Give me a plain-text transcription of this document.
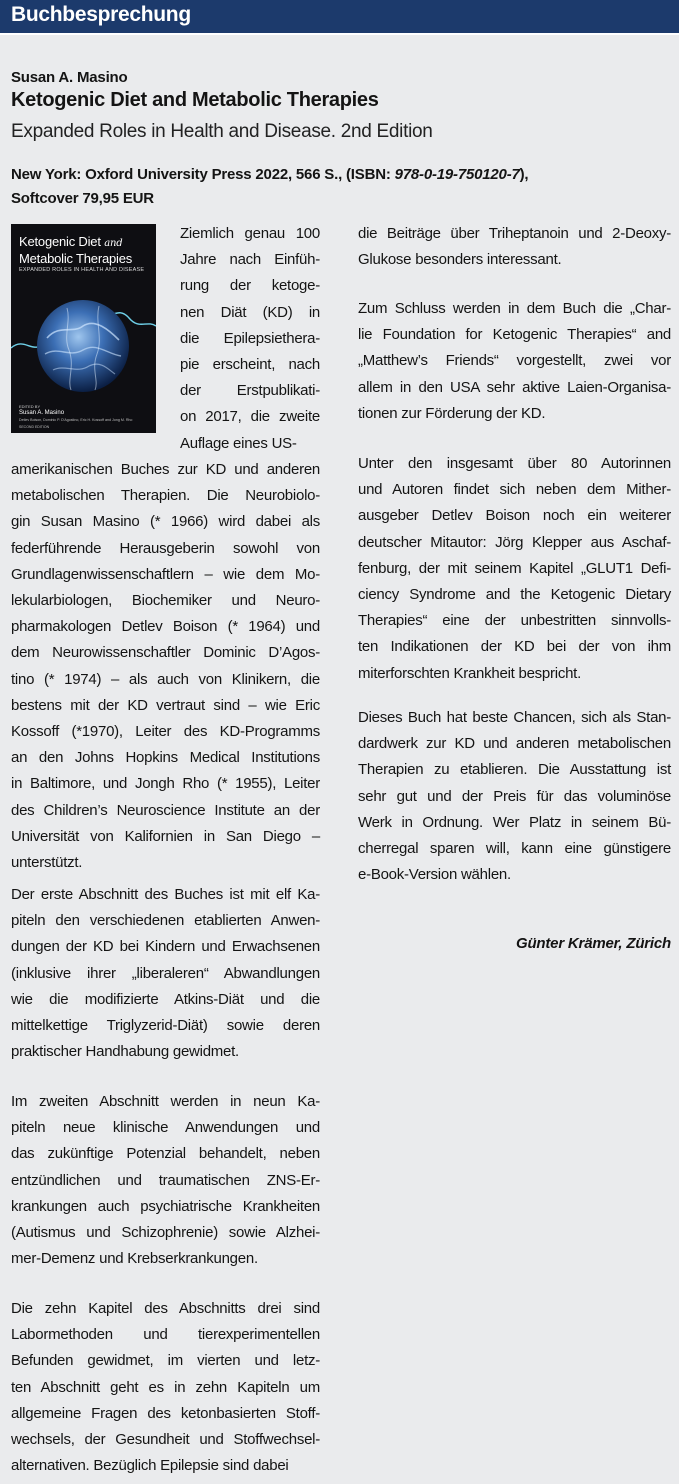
Buchbesprechung
Susan A. Masino
Ketogenic Diet and Metabolic Therapies
Expanded Roles in Health and Disease. 2nd Edition
New York: Oxford University Press 2022, 566 S., (ISBN: 978-0-19-750120-7),
Softcover 79,95 EUR
Ketogenic Diet and
Metabolic Therapies
EXPANDED ROLES IN HEALTH AND DISEASE
EDITED BY
Susan A. Masino
Detlev Boison, Dominic P. D'Agostino, Eric H. Kossoff and Jong M. Rho
SECOND EDITION

Ziemlich genau 100
Jahre nach Einfüh-
rung der ketoge-
nen Diät (KD) in
die Epilepsiethera-
pie erscheint, nach
der Erstpublikati-
on 2017, die zweite
Auflage eines US-

amerikanischen Buches zur KD und anderen
metabolischen Therapien. Die Neurobiolo-
gin Susan Masino (* 1966) wird dabei als
federführende Herausgeberin sowohl von
Grundlagenwissenschaftlern – wie dem Mo-
lekularbiologen, Biochemiker und Neuro-
pharmakologen Detlev Boison (* 1964) und
dem Neurowissenschaftler Dominic D’Agos-
tino (* 1974) – als auch von Klinikern, die
bestens mit der KD vertraut sind – wie Eric
Kossoff (*1970), Leiter des KD-Programms
an den Johns Hopkins Medical Institutions
in Baltimore, und Jongh Rho (* 1955), Leiter
des Children’s Neuroscience Institute an der
Universität von Kalifornien in San Diego –
unterstützt.

Der erste Abschnitt des Buches ist mit elf Ka-
piteln den verschiedenen etablierten Anwen-
dungen der KD bei Kindern und Erwachsenen
(inklusive ihrer „liberaleren“ Abwandlungen
wie die modifizierte Atkins-Diät und die
mittelkettige Triglyzerid-Diät) sowie deren
praktischer Handhabung gewidmet.

Im zweiten Abschnitt werden in neun Ka-
piteln neue klinische Anwendungen und
das zukünftige Potenzial behandelt, neben
entzündlichen und traumatischen ZNS-Er-
krankungen auch psychiatrische Krankheiten
(Autismus und Schizophrenie) sowie Alzhei-
mer-Demenz und Krebserkrankungen.

Die zehn Kapitel des Abschnitts drei sind
Labormethoden und tierexperimentellen
Befunden gewidmet, im vierten und letz-
ten Abschnitt geht es in zehn Kapiteln um
allgemeine Fragen des ketonbasierten Stoff-
wechsels, der Gesundheit und Stoffwechsel-
alternativen. Bezüglich Epilepsie sind dabei

die Beiträge über Triheptanoin und 2-Deoxy-
Glukose besonders interessant.

Zum Schluss werden in dem Buch die „Char-
lie Foundation for Ketogenic Therapies“ and
„Matthew’s Friends“ vorgestellt, zwei vor
allem in den USA sehr aktive Laien-Organisa-
tionen zur Förderung der KD.

Unter den insgesamt über 80 Autorinnen
und Autoren findet sich neben dem Mither-
ausgeber Detlev Boison noch ein weiterer
deutscher Mitautor: Jörg Klepper aus Aschaf-
fenburg, der mit seinem Kapitel „GLUT1 Defi-
ciency Syndrome and the Ketogenic Dietary
Therapies“ eine der unbestritten sinnvolls-
ten Indikationen der KD bei der von ihm
miterforschten Krankheit bespricht.

Dieses Buch hat beste Chancen, sich als Stan-
dardwerk zur KD und anderen metabolischen
Therapien zu etablieren. Die Ausstattung ist
sehr gut und der Preis für das voluminöse
Werk in Ordnung. Wer Platz in seinem Bü-
cherregal sparen will, kann eine günstigere
e-Book-Version wählen.

Günter Krämer, Zürich
